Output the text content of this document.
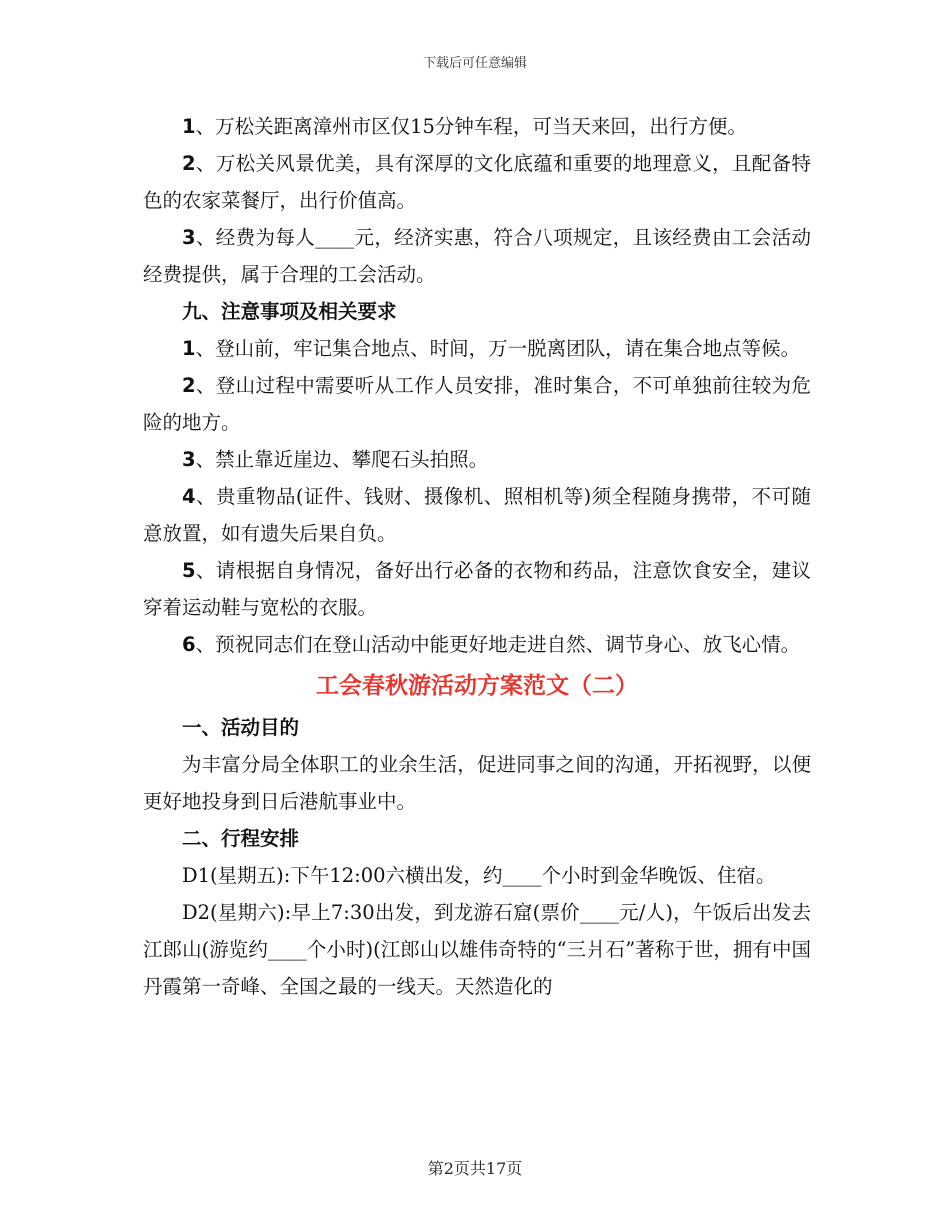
下载后可任意编辑

1、万松关距离漳州市区仅15分钟车程，可当天来回，出行方便。

2、万松关风景优美，具有深厚的文化底蕴和重要的地理意义，且配备特色的农家菜餐厅，出行价值高。

3、经费为每人____元，经济实惠，符合八项规定，且该经费由工会活动经费提供，属于合理的工会活动。

九、注意事项及相关要求

1、登山前，牢记集合地点、时间，万一脱离团队，请在集合地点等候。

2、登山过程中需要听从工作人员安排，准时集合，不可单独前往较为危险的地方。

3、禁止靠近崖边、攀爬石头拍照。

4、贵重物品(证件、钱财、摄像机、照相机等)须全程随身携带，不可随意放置，如有遗失后果自负。

5、请根据自身情况，备好出行必备的衣物和药品，注意饮食安全，建议穿着运动鞋与宽松的衣服。

6、预祝同志们在登山活动中能更好地走进自然、调节身心、放飞心情。

工会春秋游活动方案范文（二）

一、活动目的

为丰富分局全体职工的业余生活，促进同事之间的沟通，开拓视野，以便更好地投身到日后港航事业中。

二、行程安排

D1(星期五):下午12:00六横出发，约____个小时到金华晚饭、住宿。

D2(星期六):早上7:30出发，到龙游石窟(票价____元/人)，午饭后出发去江郎山(游览约____个小时)(江郎山以雄伟奇特的“三爿石”著称于世，拥有中国丹霞第一奇峰、全国之最的一线天。天然造化的

第2页共17页
